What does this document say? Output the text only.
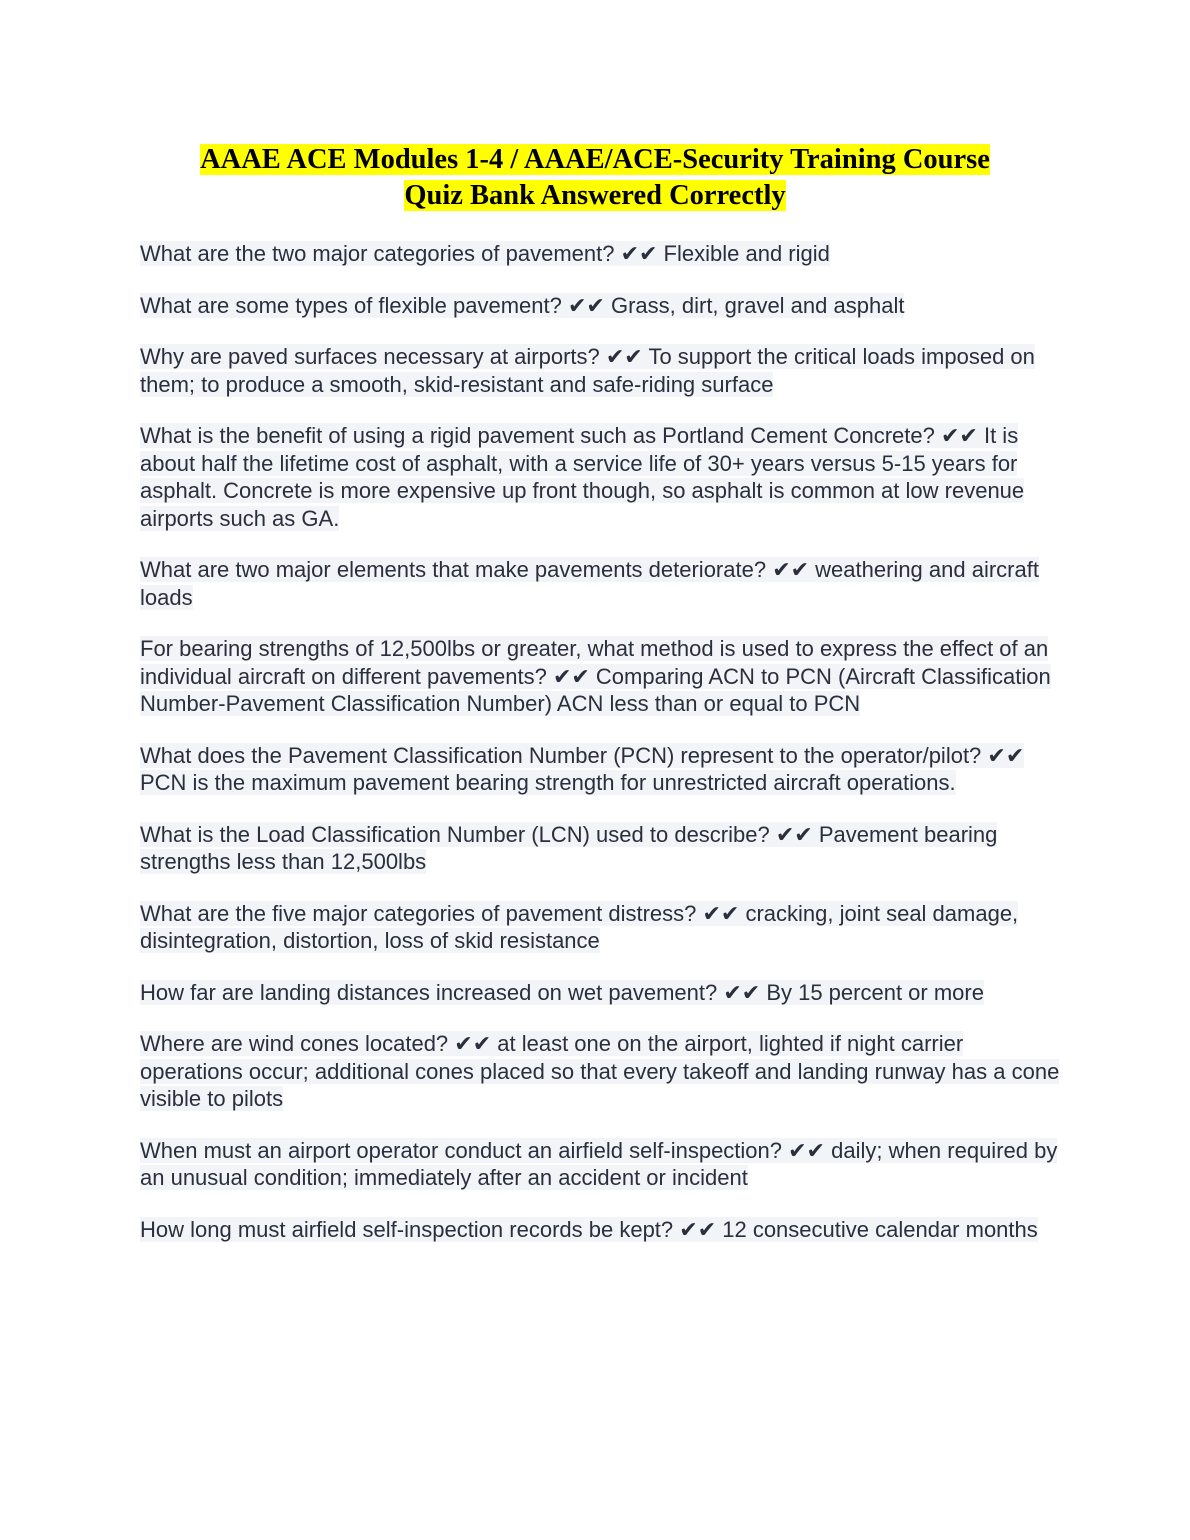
AAAE ACE Modules 1-4 / AAAE/ACE-Security Training Course
Quiz Bank Answered Correctly
What are the two major categories of pavement? ✔✔ Flexible and rigid
What are some types of flexible pavement? ✔✔ Grass, dirt, gravel and asphalt
Why are paved surfaces necessary at airports? ✔✔ To support the critical loads imposed on them; to produce a smooth, skid-resistant and safe-riding surface
What is the benefit of using a rigid pavement such as Portland Cement Concrete? ✔✔ It is about half the lifetime cost of asphalt, with a service life of 30+ years versus 5-15 years for asphalt. Concrete is more expensive up front though, so asphalt is common at low revenue airports such as GA.
What are two major elements that make pavements deteriorate? ✔✔ weathering and aircraft loads
For bearing strengths of 12,500lbs or greater, what method is used to express the effect of an individual aircraft on different pavements? ✔✔ Comparing ACN to PCN (Aircraft Classification Number-Pavement Classification Number) ACN less than or equal to PCN
What does the Pavement Classification Number (PCN) represent to the operator/pilot? ✔✔ PCN is the maximum pavement bearing strength for unrestricted aircraft operations.
What is the Load Classification Number (LCN) used to describe? ✔✔ Pavement bearing strengths less than 12,500lbs
What are the five major categories of pavement distress? ✔✔ cracking, joint seal damage, disintegration, distortion, loss of skid resistance
How far are landing distances increased on wet pavement? ✔✔ By 15 percent or more
Where are wind cones located? ✔✔ at least one on the airport, lighted if night carrier operations occur; additional cones placed so that every takeoff and landing runway has a cone visible to pilots
When must an airport operator conduct an airfield self-inspection? ✔✔ daily; when required by an unusual condition; immediately after an accident or incident
How long must airfield self-inspection records be kept? ✔✔ 12 consecutive calendar months
